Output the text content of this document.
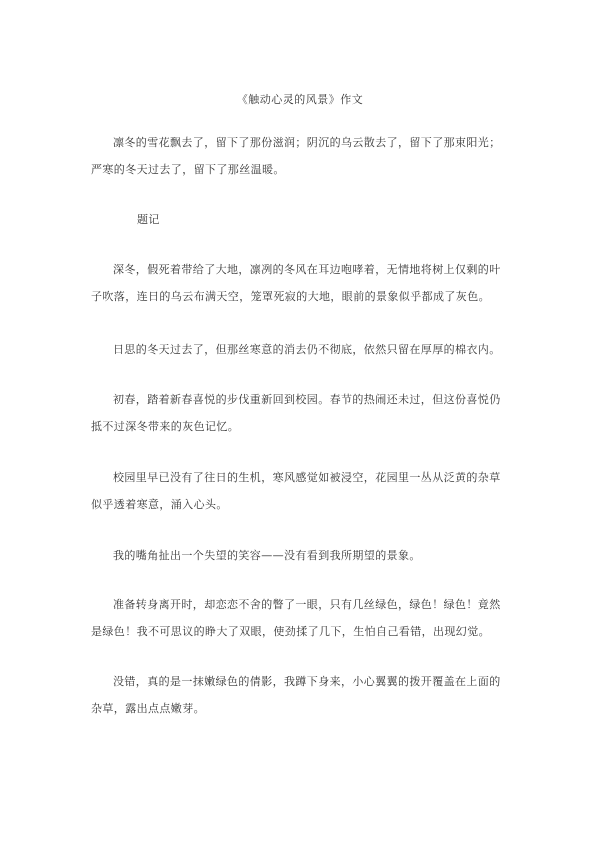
《触动心灵的风景》作文
凛冬的雪花飘去了，留下了那份滋润；阴沉的乌云散去了，留下了那束阳光；严寒的冬天过去了，留下了那丝温暖。
题记
深冬，假死着带给了大地，凛冽的冬风在耳边咆哮着，无情地将树上仅剩的叶子吹落，连日的乌云布满天空，笼罩死寂的大地，眼前的景象似乎都成了灰色。
日思的冬天过去了，但那丝寒意的消去仍不彻底，依然只留在厚厚的棉衣内。
初春，踏着新春喜悦的步伐重新回到校园。春节的热闹还未过，但这份喜悦仍抵不过深冬带来的灰色记忆。
校园里早已没有了往日的生机，寒风感觉如被浸空，花园里一丛从泛黄的杂草似乎透着寒意，涌入心头。
我的嘴角扯出一个失望的笑容——没有看到我所期望的景象。
准备转身离开时，却恋恋不舍的瞥了一眼，只有几丝绿色，绿色！绿色！竟然是绿色！我不可思议的睁大了双眼，使劲揉了几下，生怕自己看错，出现幻觉。
没错，真的是一抹嫩绿色的倩影，我蹲下身来，小心翼翼的拨开覆盖在上面的杂草，露出点点嫩芽。
